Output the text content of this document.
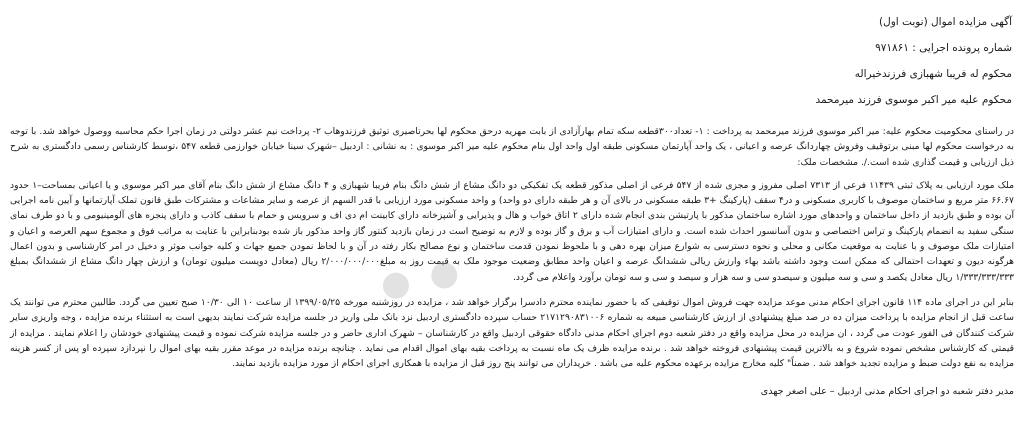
آگهی مزایده اموال (نوبت اول)
شماره پرونده اجرایی : ۹۷۱۸۶۱
محکوم له فریبا شهبازی فرزندخیراله
محکوم علیه میر اکبر موسوی فرزند میرمحمد

در راستای محکومیت محکوم علیه: میر اکبر موسوی فرزند میرمحمد به پرداخت : ۱- تعداد۳۰۰قطعه سکه تمام بهارآزادی از بابت مهریه درحق محکوم لها بحرتاصیری توثیق فرزندوهاب ۲- پرداخت نیم عشر دولتی در زمان اجرا حکم محاسبه ووصول خواهد شد. با توجه به درخواست محکوم لها مبنی برتوقیف وفروش چهاردانگ عرصه و اعیانی ، یک واحد آپارتمان مسکونی طبقه اول واحد اول بنام محکوم علیه میر اکبر موسوی : به نشانی : اردبیل –شهرک سینا خیابان خوارزمی قطعه ۵۴۷ ،توسط کارشناس رسمی دادگستری به شرح ذیل ارزیابی و قیمت گذاری شده است./. مشخصات ملک:

ملک مورد ارزیابی به پلاک ثبتی ۱۱۴۳۹ فرعی از ۷۳۱۳ اصلی مفروز و مجزی شده از ۵۴۷ فرعی از اصلی مذکور قطعه یک تفکیکی دو دانگ مشاع از شش دانگ بنام فریبا شهبازی و ۴ دانگ مشاع از شش دانگ بنام آقای میر اکبر موسوی و یا اعیانی بمساحت–۱ حدود ۶۶.۶۷ متر مربع و ساختمان موصوف با کاربری مسکونی و در۴ سقف (پارکینگ +۳ طبقه مسکونی در بالای آن و هر طبقه دارای دو واحد) و واحد مسکونی مورد ارزیابی با قدر السهم از عرصه و سایر مشاعات و مشترکات طبق قانون تملک آپارتمانها و آیین نامه اجرایی آن بوده و طبق بازدید از داخل ساختمان و واحدهای مورد اشاره ساختمان مذکور با پارتیشن بندی انجام شده دارای ۲ اتاق خواب و هال و پذیرایی و آشپزخانه دارای کابینت ام دی اف و سرویس و حمام با سقف کاذب و دارای پنجره های آلومینیومی و با دو طرف نمای سنگی سفید به انضمام پارکینگ و تراس اختصاصی و بدون آسانسور احداث شده است. و دارای امتیازات آب و برق و گاز بوده و لازم به توضیح است در زمان بازدید کنتور گاز واحد مذکور باز شده بودبنابراین با عنایت به مراتب فوق و مجموع سهم العرصه و اعیان و امتیازات ملک موصوف و با عنایت به موقعیت مکانی و محلی و نحوه دسترسی به شوارع میزان بهره دهی و با ملحوظ نمودن قدمت ساختمان و نوع مصالح بکار رفته در آن و با لحاظ نمودن جمیع جهات و کلیه جوانب موثر و دخیل در امر کارشناسی و بدون اعمال هرگونه دیون و تعهدات احتمالی که ممکن است وجود داشته باشد بهاء وارزش ریالی ششدانگ عرصه و اعیان واحد مطابق وضعیت موجود ملک به قیمت روز به مبلغ۲/۰۰۰/۰۰۰/۰۰۰ ریال (معادل دویست میلیون تومان) و ارزش چهار دانگ مشاع از ششدانگ بمبلغ ۱/۳۳۳/۳۳۳/۳۳۳ ریال معادل یکصد و سی و سه میلیون و سیصدو سی و سه هزار و سیصد و سی و سه تومان برآورد واعلام می گردد.

بنابر این در اجرای ماده ۱۱۴ قانون اجرای احکام مدنی موعد مزایده جهت فروش اموال توقیفی که با حضور نماینده محترم دادسرا برگزار خواهد شد ، مزایده در روزشنبه مورخه ۱۳۹۹/۰۵/۲۵ از ساعت ۱۰ الی ۱۰/۳۰ صبح تعیین می گردد. طالبین محترم می توانند یک ساعت قبل از انجام مزایده با پرداخت میزان ده در صد مبلغ پیشنهادی از ارزش کارشناسی مبیعه به شماره ۲۱۷۱۲۹۰۸۳۱۰۰۶ حساب سپرده دادگستری اردبیل نزد بانک ملی واریز در جلسه مزایده شرکت نمایند بدیهی است به استثناء برنده مزایده ، وجه واریزی سایر شرکت کنندگان فی الفور عودت می گردد ، ان مزایده در محل مزایده واقع در دفتر شعبه دوم اجرای احکام مدنی دادگاه حقوقی اردبیل واقع در کارشناسان – شهرک اداری حاضر و در جلسه مزایده شرکت نموده و قیمت پیشنهادی خودشان را اعلام نمایند . مزایده از قیمتی که کارشناس مشخص نموده شروع و به بالاترین قیمت پیشنهادی فروخته خواهد شد . برنده مزایده ظرف یک ماه نسبت به پرداخت بقیه بهای اموال اقدام می نماید . چنانچه برنده مزایده در موعد مقرر بقیه بهای اموال را نپردازد سپرده او پس از کسر هزینه مزایده به نفع دولت ضبط و مزایده تجدید خواهد شد . ضمناً" کلیه مخارج مزایده برعهده محکوم علیه می باشد . خریداران می توانند پنج روز قبل از مزایده با همکاری اجرای احکام از مورد مزایده بازدید نمایند.

مدیر دفتر شعبه دو اجرای احکام مدنی اردبیل – علی اصغر جهدی
● ●
